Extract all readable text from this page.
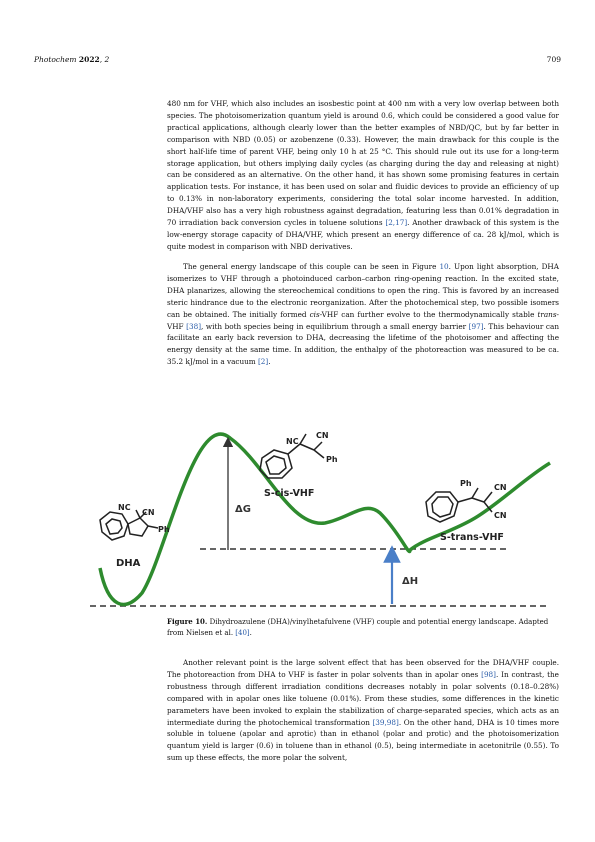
Photochem 2022, 2	709

480 nm for VHF, which also includes an isosbestic point at 400 nm with a very low overlap between both species. The photoisomerization quantum yield is around 0.6, which could be considered a good value for practical applications, although clearly lower than the better examples of NBD/QC, but by far better in comparison with NBD (0.05) or azobenzene (0.33). However, the main drawback for this couple is the short half-life time of parent VHF, being only 10 h at 25 °C. This should rule out its use for a long-term storage application, but others implying daily cycles (as charging during the day and releasing at night) can be considered as an alternative. On the other hand, it has shown some promising features in certain application tests. For instance, it has been used on solar and fluidic devices to provide an efficiency of up to 0.13% in non-laboratory experiments, considering the total solar income harvested. In addition, DHA/VHF also has a very high robustness against degradation, featuring less than 0.01% degradation in 70 irradiation back conversion cycles in toluene solutions [2,17]. Another drawback of this system is the low-energy storage capacity of DHA/VHF, which present an energy difference of ca. 28 kJ/mol, which is quite modest in comparison with NBD derivatives.

The general energy landscape of this couple can be seen in Figure 10. Upon light absorption, DHA isomerizes to VHF through a photoinduced carbon–carbon ring-opening reaction. In the excited state, DHA planarizes, allowing the stereochemical conditions to open the ring. This is favored by an increased steric hindrance due to the electronic reorganization. After the photochemical step, two possible isomers can be obtained. The initially formed cis-VHF can further evolve to the thermodynamically stable trans-VHF [38], with both species being in equilibrium through a small energy barrier [97]. This behaviour can facilitate an early back reversion to DHA, decreasing the lifetime of the photoisomer and affecting the energy density at the same time. In addition, the enthalpy of the photoreaction was measured to be ca. 35.2 kJ/mol in a vacuum [2].

ΔG
ΔH
NC
CN
Ph
DHA
CN
NC
Ph
S-cis-VHF
Ph	CN
CN
S-trans-VHF

Figure 10. Dihydroazulene (DHA)/vinylhetafulvene (VHF) couple and potential energy landscape. Adapted from Nielsen et al. [40].

Another relevant point is the large solvent effect that has been observed for the DHA/VHF couple. The photoreaction from DHA to VHF is faster in polar solvents than in apolar ones [98]. In contrast, the robustness through different irradiation conditions decreases notably in polar solvents (0.18–0.28%) compared with in apolar ones like toluene (0.01%). From these studies, some differences in the kinetic parameters have been invoked to explain the stabilization of charge-separated species, which acts as an intermediate during the photochemical transformation [39,98]. On the other hand, DHA is 10 times more soluble in toluene (apolar and aprotic) than in ethanol (polar and protic) and the photoisomerization quantum yield is larger (0.6) in toluene than in ethanol (0.5), being intermediate in acetonitrile (0.55). To sum up these effects, the more polar the solvent,
